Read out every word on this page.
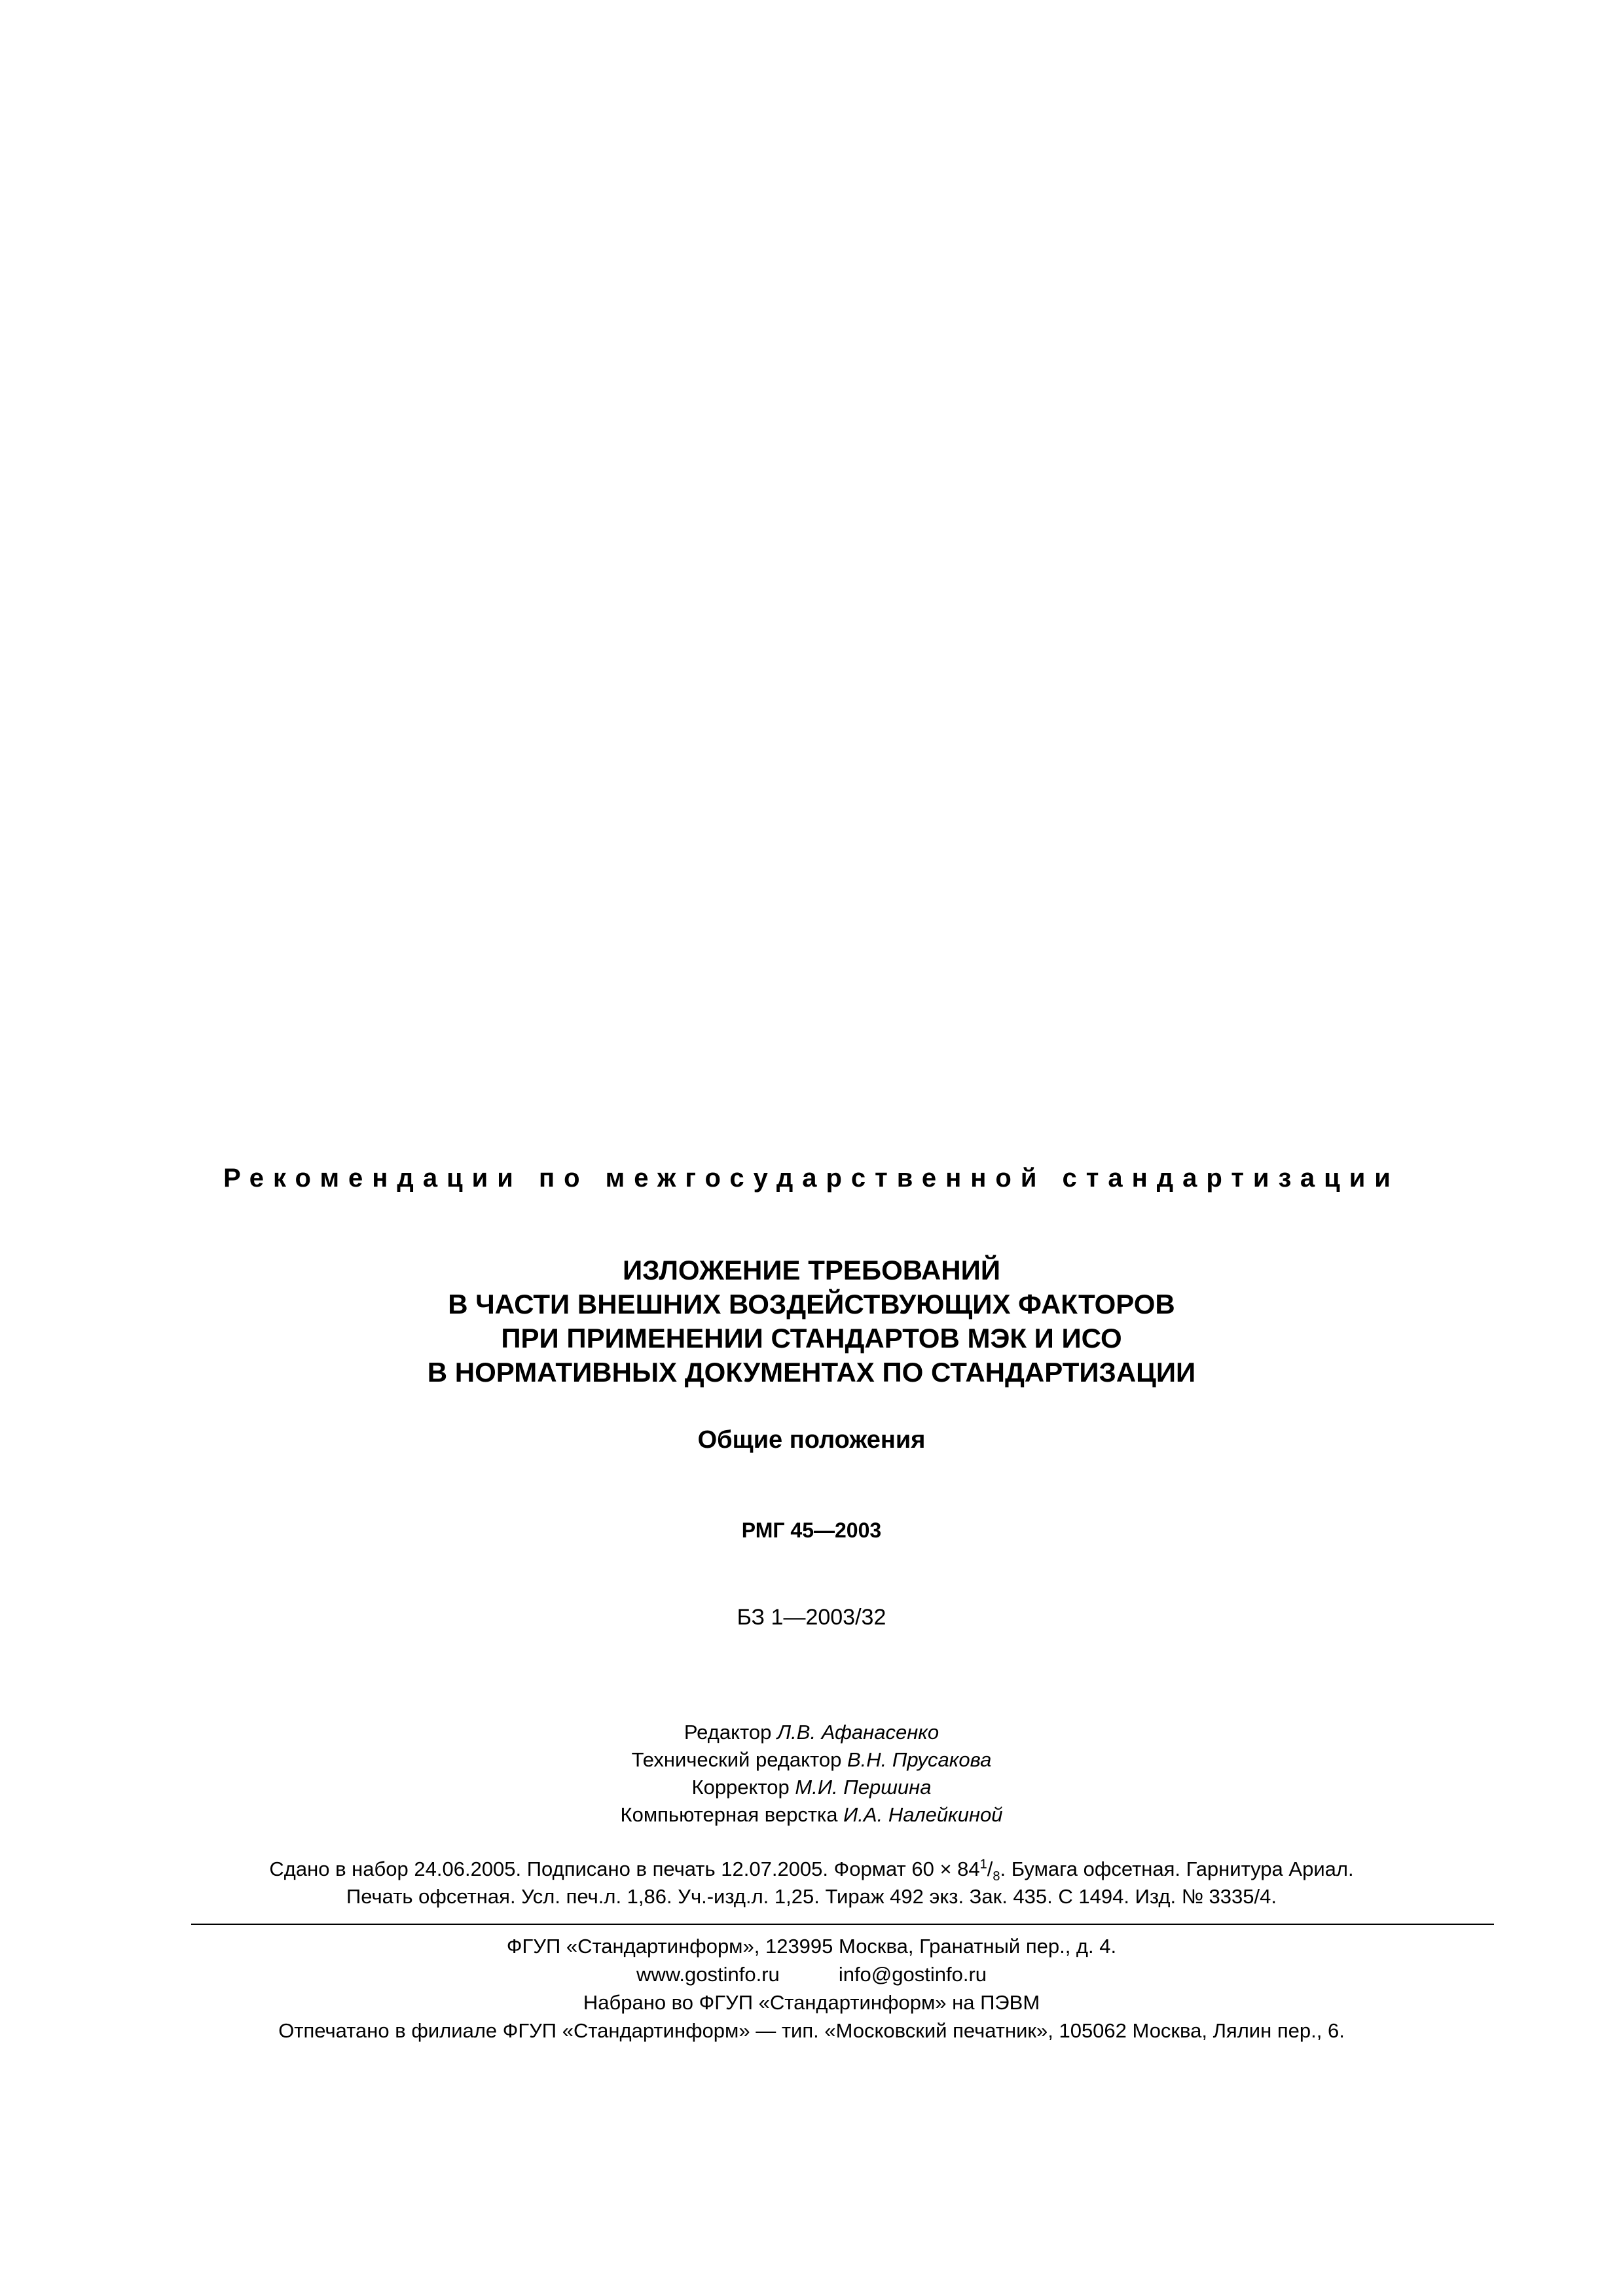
Рекомендации по межгосударственной стандартизации
ИЗЛОЖЕНИЕ ТРЕБОВАНИЙ
В ЧАСТИ ВНЕШНИХ ВОЗДЕЙСТВУЮЩИХ ФАКТОРОВ
ПРИ ПРИМЕНЕНИИ СТАНДАРТОВ МЭК И ИСО
В НОРМАТИВНЫХ ДОКУМЕНТАХ ПО СТАНДАРТИЗАЦИИ
Общие положения
РМГ 45—2003
БЗ 1—2003/32
Редактор Л.В. Афанасенко
Технический редактор В.Н. Прусакова
Корректор М.И. Першина
Компьютерная верстка И.А. Налейкиной
Сдано в набор 24.06.2005. Подписано в печать 12.07.2005. Формат $60 \times 84^1/_8$. Бумага офсетная. Гарнитура Ариал.
Печать офсетная. Усл. печ.л. 1,86. Уч.-изд.л. 1,25. Тираж 492 экз. Зак. 435. С 1494. Изд. № 3335/4.
ФГУП «Стандартинформ», 123995 Москва, Гранатный пер., д. 4.
www.gostinfo.ru	info@gostinfo.ru
Набрано во ФГУП «Стандартинформ» на ПЭВМ
Отпечатано в филиале ФГУП «Стандартинформ» — тип. «Московский печатник», 105062 Москва, Лялин пер., 6.
